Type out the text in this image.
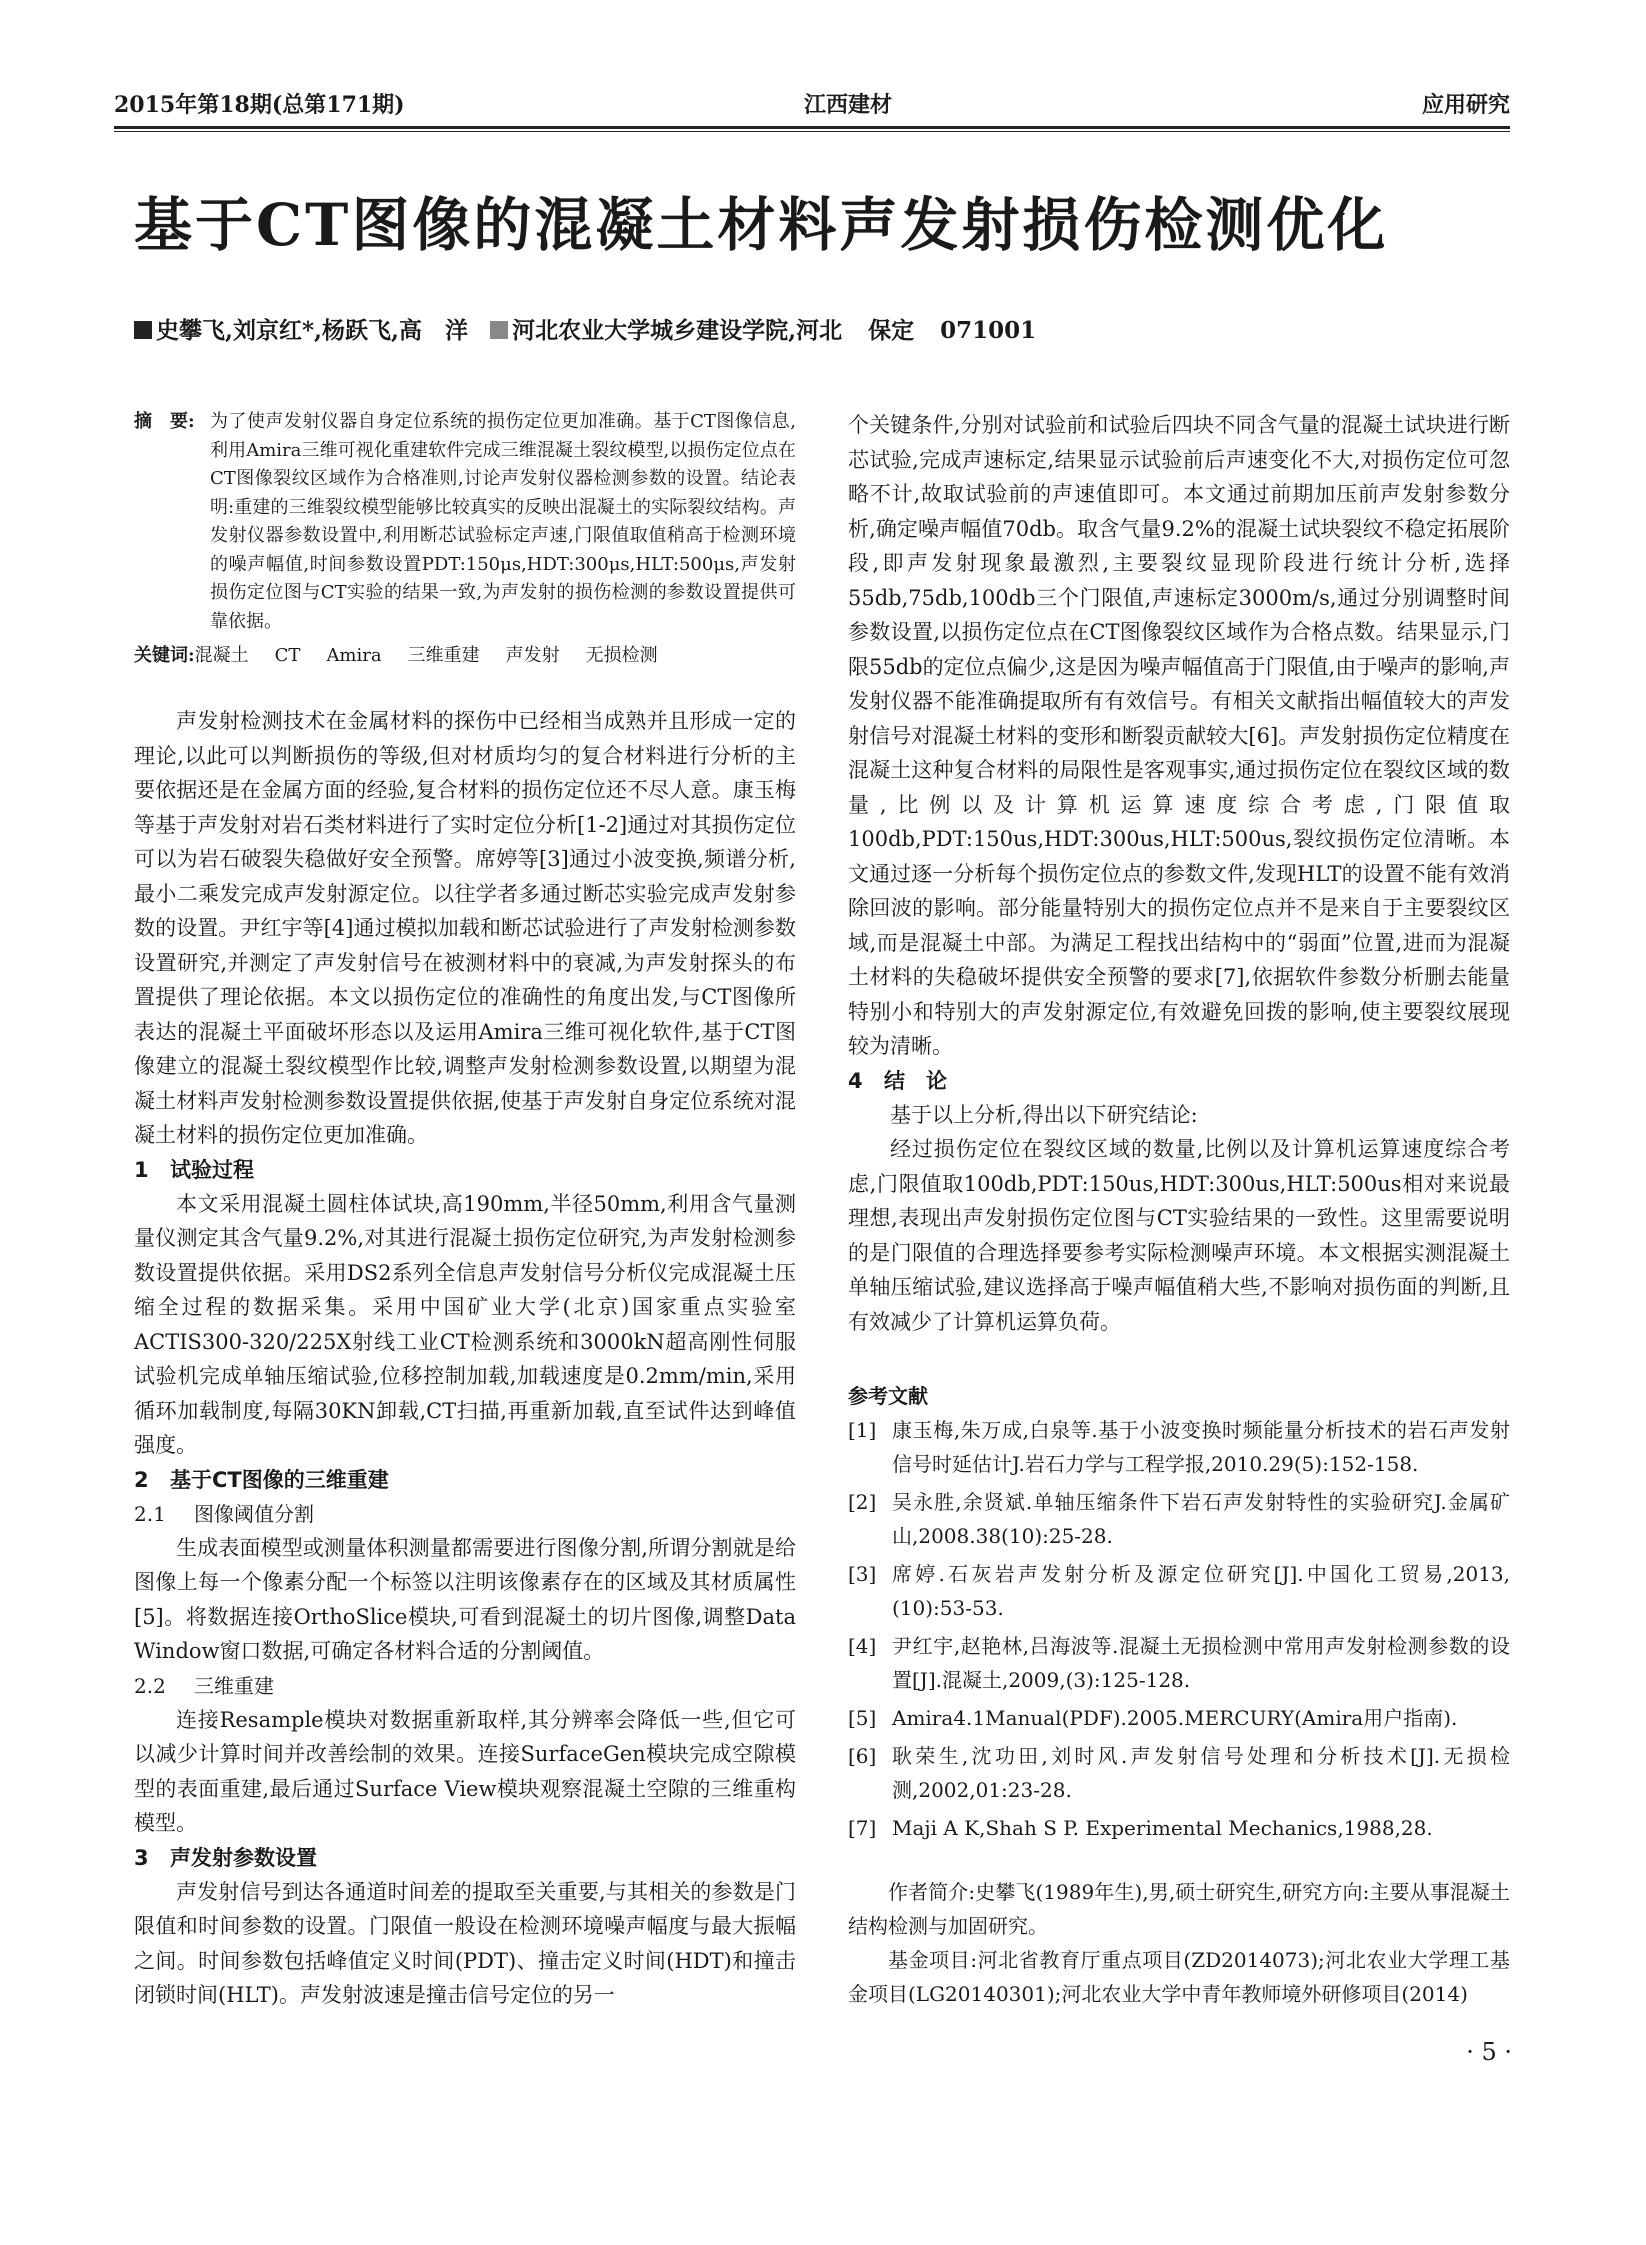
2015年第18期(总第171期)	江西建材	应用研究
基于CT图像的混凝土材料声发射损伤检测优化
史攀飞,刘京红*,杨跃飞,高　洋 河北农业大学城乡建设学院,河北 保定 071001
摘　要: 为了使声发射仪器自身定位系统的损伤定位更加准确。基于CT图像信息,利用Amira三维可视化重建软件完成三维混凝土裂纹模型,以损伤定位点在CT图像裂纹区域作为合格准则,讨论声发射仪器检测参数的设置。结论表明:重建的三维裂纹模型能够比较真实的反映出混凝土的实际裂纹结构。声发射仪器参数设置中,利用断芯试验标定声速,门限值取值稍高于检测环境的噪声幅值,时间参数设置PDT:150μs,HDT:300μs,HLT:500μs,声发射损伤定位图与CT实验的结果一致,为声发射的损伤检测的参数设置提供可靠依据。
关键词:混凝土 CT Amira 三维重建 声发射 无损检测

声发射检测技术在金属材料的探伤中已经相当成熟并且形成一定的理论,以此可以判断损伤的等级,但对材质均匀的复合材料进行分析的主要依据还是在金属方面的经验,复合材料的损伤定位还不尽人意。康玉梅等基于声发射对岩石类材料进行了实时定位分析[1-2]通过对其损伤定位可以为岩石破裂失稳做好安全预警。席婷等[3]通过小波变换,频谱分析,最小二乘发完成声发射源定位。以往学者多通过断芯实验完成声发射参数的设置。尹红宇等[4]通过模拟加载和断芯试验进行了声发射检测参数设置研究,并测定了声发射信号在被测材料中的衰减,为声发射探头的布置提供了理论依据。本文以损伤定位的准确性的角度出发,与CT图像所表达的混凝土平面破坏形态以及运用Amira三维可视化软件,基于CT图像建立的混凝土裂纹模型作比较,调整声发射检测参数设置,以期望为混凝土材料声发射检测参数设置提供依据,使基于声发射自身定位系统对混凝土材料的损伤定位更加准确。

1 试验过程

本文采用混凝土圆柱体试块,高190mm,半径50mm,利用含气量测量仪测定其含气量9.2%,对其进行混凝土损伤定位研究,为声发射检测参数设置提供依据。采用DS2系列全信息声发射信号分析仪完成混凝土压缩全过程的数据采集。采用中国矿业大学(北京)国家重点实验室ACTIS300-320/225X射线工业CT检测系统和3000kN超高刚性伺服试验机完成单轴压缩试验,位移控制加载,加载速度是0.2mm/min,采用循环加载制度,每隔30KN卸载,CT扫描,再重新加载,直至试件达到峰值强度。

2 基于CT图像的三维重建
2.1 图像阈值分割

生成表面模型或测量体积测量都需要进行图像分割,所谓分割就是给图像上每一个像素分配一个标签以注明该像素存在的区域及其材质属性[5]。将数据连接OrthoSlice模块,可看到混凝土的切片图像,调整Data Window窗口数据,可确定各材料合适的分割阈值。

2.2 三维重建

连接Resample模块对数据重新取样,其分辨率会降低一些,但它可以减少计算时间并改善绘制的效果。连接SurfaceGen模块完成空隙模型的表面重建,最后通过Surface View模块观察混凝土空隙的三维重构模型。

3 声发射参数设置

声发射信号到达各通道时间差的提取至关重要,与其相关的参数是门限值和时间参数的设置。门限值一般设在检测环境噪声幅度与最大振幅之间。时间参数包括峰值定义时间(PDT)、撞击定义时间(HDT)和撞击闭锁时间(HLT)。声发射波速是撞击信号定位的另一

个关键条件,分别对试验前和试验后四块不同含气量的混凝土试块进行断芯试验,完成声速标定,结果显示试验前后声速变化不大,对损伤定位可忽略不计,故取试验前的声速值即可。本文通过前期加压前声发射参数分析,确定噪声幅值70db。取含气量9.2%的混凝土试块裂纹不稳定拓展阶段,即声发射现象最激烈,主要裂纹显现阶段进行统计分析,选择55db,75db,100db三个门限值,声速标定3000m/s,通过分别调整时间参数设置,以损伤定位点在CT图像裂纹区域作为合格点数。结果显示,门限55db的定位点偏少,这是因为噪声幅值高于门限值,由于噪声的影响,声发射仪器不能准确提取所有有效信号。有相关文献指出幅值较大的声发射信号对混凝土材料的变形和断裂贡献较大[6]。声发射损伤定位精度在混凝土这种复合材料的局限性是客观事实,通过损伤定位在裂纹区域的数量,比例以及计算机运算速度综合考虑,门限值取100db,PDT:150us,HDT:300us,HLT:500us,裂纹损伤定位清晰。本文通过逐一分析每个损伤定位点的参数文件,发现HLT的设置不能有效消除回波的影响。部分能量特别大的损伤定位点并不是来自于主要裂纹区域,而是混凝土中部。为满足工程找出结构中的“弱面”位置,进而为混凝土材料的失稳破坏提供安全预警的要求[7],依据软件参数分析删去能量特别小和特别大的声发射源定位,有效避免回拨的影响,使主要裂纹展现较为清晰。

4 结　论

基于以上分析,得出以下研究结论:

经过损伤定位在裂纹区域的数量,比例以及计算机运算速度综合考虑,门限值取100db,PDT:150us,HDT:300us,HLT:500us相对来说最理想,表现出声发射损伤定位图与CT实验结果的一致性。这里需要说明的是门限值的合理选择要参考实际检测噪声环境。本文根据实测混凝土单轴压缩试验,建议选择高于噪声幅值稍大些,不影响对损伤面的判断,且有效减少了计算机运算负荷。

参考文献
[1] 康玉梅,朱万成,白泉等.基于小波变换时频能量分析技术的岩石声发射信号时延估计J.岩石力学与工程学报,2010.29(5):152-158.
[2] 吴永胜,余贤斌.单轴压缩条件下岩石声发射特性的实验研究J.金属矿山,2008.38(10):25-28.
[3] 席婷.石灰岩声发射分析及源定位研究[J].中国化工贸易,2013,(10):53-53.
[4] 尹红宇,赵艳林,吕海波等.混凝土无损检测中常用声发射检测参数的设置[J].混凝土,2009,(3):125-128.
[5] Amira4.1Manual(PDF).2005.MERCURY(Amira用户指南).
[6] 耿荣生,沈功田,刘时风.声发射信号处理和分析技术[J].无损检测,2002,01:23-28.
[7] Maji A K,Shah S P. Experimental Mechanics,1988,28.

作者简介:史攀飞(1989年生),男,硕士研究生,研究方向:主要从事混凝土结构检测与加固研究。

基金项目:河北省教育厅重点项目(ZD2014073);河北农业大学理工基金项目(LG20140301);河北农业大学中青年教师境外研修项目(2014)

· 5 ·
